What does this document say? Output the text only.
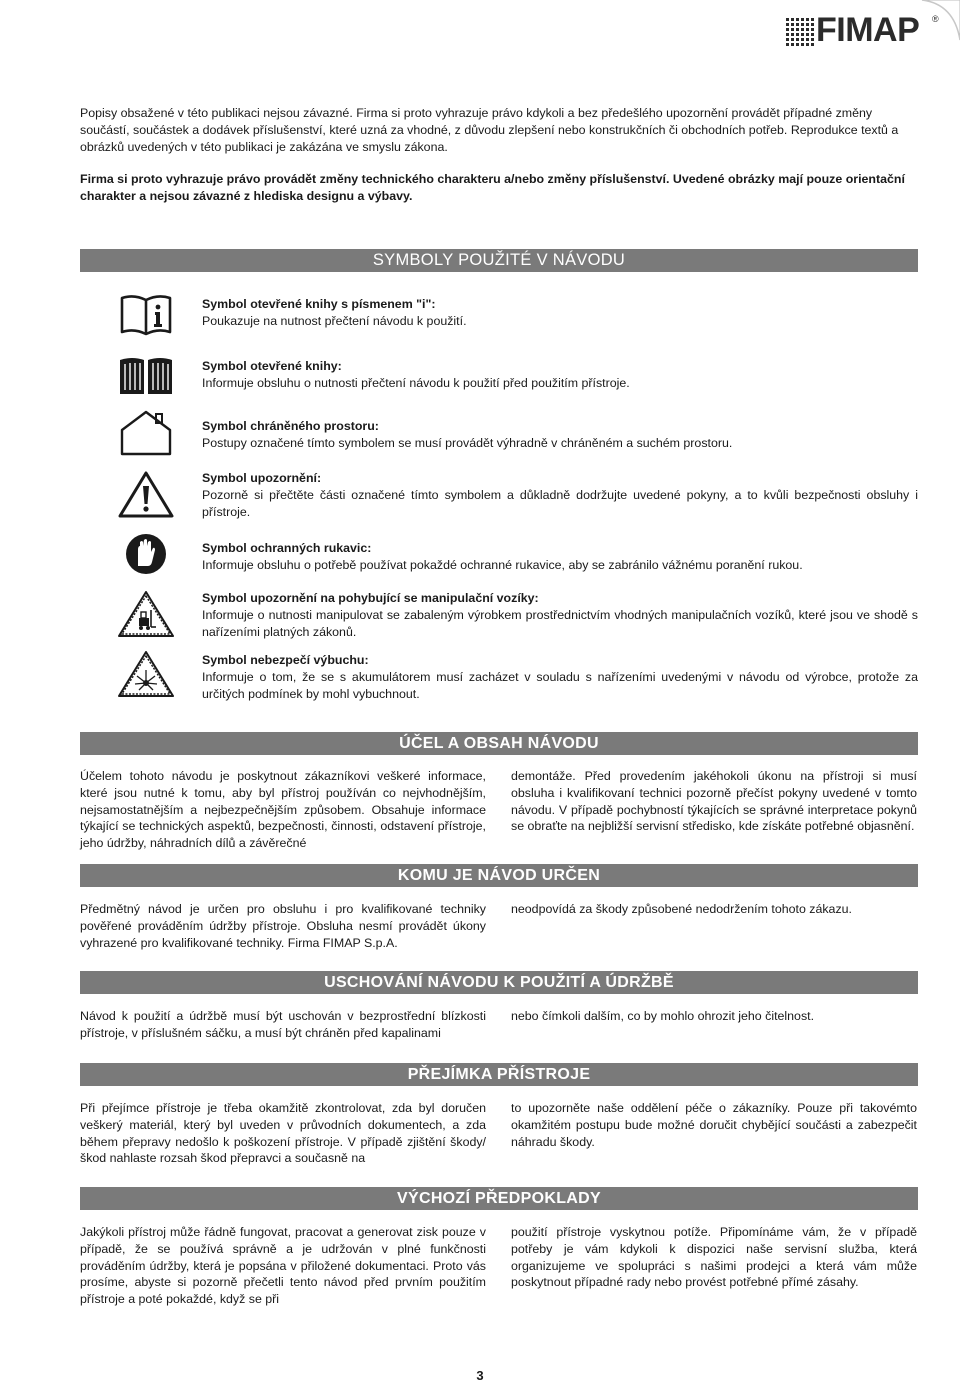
FIMAP ®

Popisy obsažené v této publikaci nejsou závazné. Firma si proto vyhrazuje právo kdykoli a bez předešlého upozornění provádět případné změny součástí, součástek a dodávek příslušenství, které uzná za vhodné, z důvodu zlepšení nebo konstrukčních či obchodních potřeb. Reprodukce textů a obrázků uvedených v této publikaci je zakázána ve smyslu zákona.

Firma si proto vyhrazuje právo provádět změny technického charakteru a/nebo změny příslušenství. Uvedené obrázky mají pouze orientační charakter a nejsou závazné z hlediska designu a výbavy.

SYMBOLY POUŽITÉ V NÁVODU
Symbol otevřené knihy s písmenem "i":
Poukazuje na nutnost přečtení návodu k použití.
Symbol otevřené knihy:
Informuje obsluhu o nutnosti přečtení návodu k použití před použitím přístroje.
Symbol chráněného prostoru:
Postupy označené tímto symbolem se musí provádět výhradně v chráněném a suchém prostoru.
Symbol upozornění:
Pozorně si přečtěte části označené tímto symbolem a důkladně dodržujte uvedené pokyny, a to kvůli bezpečnosti obsluhy i přístroje.
Symbol ochranných rukavic:
Informuje obsluhu o potřebě používat pokaždé ochranné rukavice, aby se zabránilo vážnému poranění rukou.
Symbol upozornění na pohybující se manipulační vozíky:
Informuje o nutnosti manipulovat se zabaleným výrobkem prostřednictvím vhodných manipulačních vozíků, které jsou ve shodě s nařízeními platných zákonů.
Symbol nebezpečí výbuchu:
Informuje o tom, že se s akumulátorem musí zacházet v souladu s nařízeními uvedenými v návodu od výrobce, protože za určitých podmínek by mohl vybuchnout.
ÚČEL A OBSAH NÁVODU

Účelem tohoto návodu je poskytnout zákazníkovi veškeré informace, které jsou nutné k tomu, aby byl přístroj používán co nejvhodnějším, nejsamostatnějším a nejbezpečnějším způsobem. Obsahuje informace týkající se technických aspektů, bezpečnosti, činnosti, odstavení přístroje, jeho údržby, náhradních dílů a závěrečné

demontáže. Před provedením jakéhokoli úkonu na přístroji si musí obsluha i kvalifikovaní technici pozorně přečíst pokyny uvedené v tomto návodu. V případě pochybností týkajících se správné interpretace pokynů se obraťte na nejbližší servisní středisko, kde získáte potřebné objasnění.

KOMU JE NÁVOD URČEN

Předmětný návod je určen pro obsluhu i pro kvalifikované techniky pověřené prováděním údržby přístroje. Obsluha nesmí provádět úkony vyhrazené pro kvalifikované techniky. Firma FIMAP S.p.A.

neodpovídá za škody způsobené nedodržením tohoto zákazu.

USCHOVÁNÍ NÁVODU K POUŽITÍ A ÚDRŽBĚ

Návod k použití a údržbě musí být uschován v bezprostřední blízkosti přístroje, v příslušném sáčku, a musí být chráněn před kapalinami

nebo čímkoli dalším, co by mohlo ohrozit jeho čitelnost.

PŘEJÍMKA PŘÍSTROJE

Při přejímce přístroje je třeba okamžitě zkontrolovat, zda byl doručen veškerý materiál, který byl uveden v průvodních dokumentech, a zda během přepravy nedošlo k poškození přístroje. V případě zjištění škody/škod nahlaste rozsah škod přepravci a současně na

to upozorněte naše oddělení péče o zákazníky. Pouze při takovémto okamžitém postupu bude možné doručit chybějící součásti a zabezpečit náhradu škody.

VÝCHOZÍ PŘEDPOKLADY

Jakýkoli přístroj může řádně fungovat, pracovat a generovat zisk pouze v případě, že se používá správně a je udržován v plné funkčnosti prováděním údržby, která je popsána v přiložené dokumentaci. Proto vás prosíme, abyste si pozorně přečetli tento návod před prvním použitím přístroje a poté pokaždé, když se při

použití přístroje vyskytnou potíže. Připomínáme vám, že v případě potřeby je vám kdykoli k dispozici naše servisní služba, která organizujeme ve spolupráci s našimi prodejci a která vám může poskytnout případné rady nebo provést potřebné přímé zásahy.

3
